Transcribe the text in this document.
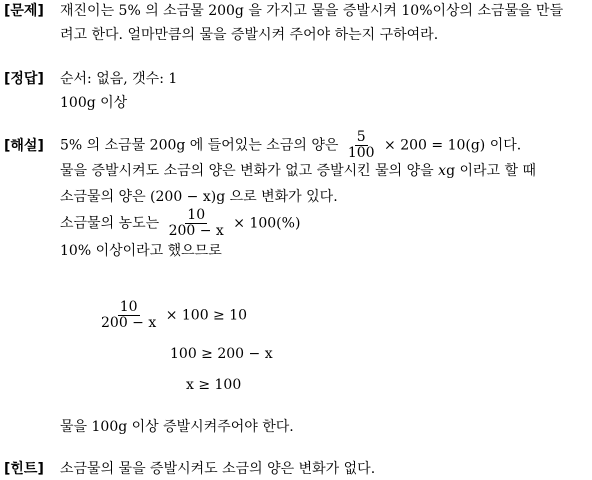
[문제] 재진이는 5% 의 소금물 200g 을 가지고 물을 증발시켜 10%이상의 소금물을 만들
려고 한다. 얼마만큼의 물을 증발시켜 주어야 하는지 구하여라.
[정답] 순서: 없음, 갯수: 1
100g 이상
[해설] 5% 의 소금물 200g 에 들어있는 소금의 양은 $\frac{5}{100} \times 200 = 10(g)$ 이다.
물을 증발시켜도 소금의 양은 변화가 없고 증발시킨 물의 양을 xg 이라고 할 때
소금물의 양은 (200 − x)g 으로 변화가 있다.
소금물의 농도는 $\frac{10}{200 - x} \times 100(\%)$
10% 이상이라고 했으므로
$\frac{10}{200 - x} \times 100 \ge 10$
100 ≥ 200 − x
x ≥ 100
물을 100g 이상 증발시켜주어야 한다.
[힌트] 소금물의 물을 증발시켜도 소금의 양은 변화가 없다.
